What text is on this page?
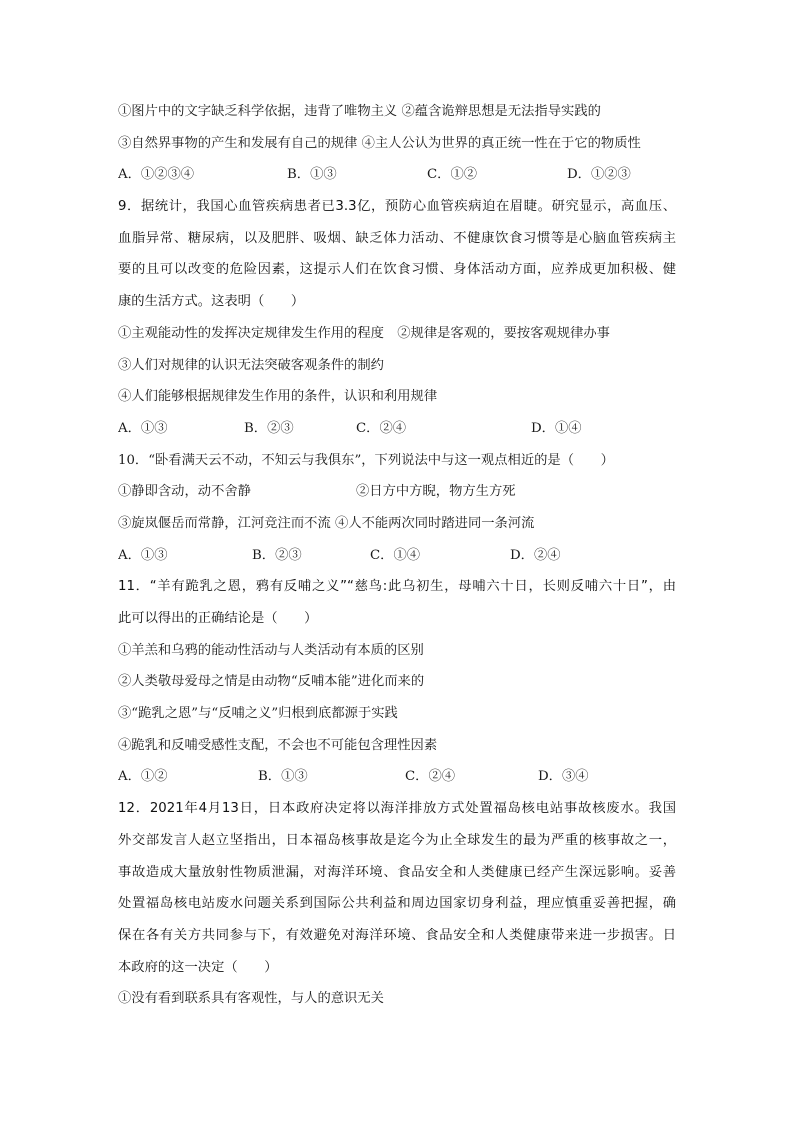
①图片中的文字缺乏科学依据，违背了唯物主义 ②蕴含诡辩思想是无法指导实践的
③自然界事物的产生和发展有自己的规律 ④主人公认为世界的真正统一性在于它的物质性
A．①②③④	B．①③	C．①②	D．①②③
9．据统计，我国心血管疾病患者已3.3亿，预防心血管疾病迫在眉睫。研究显示，高血压、
血脂异常、糖尿病，以及肥胖、吸烟、缺乏体力活动、不健康饮食习惯等是心脑血管疾病主
要的且可以改变的危险因素，这提示人们在饮食习惯、身体活动方面，应养成更加积极、健
康的生活方式。这表明（　　）
①主观能动性的发挥决定规律发生作用的程度　②规律是客观的，要按客观规律办事
③人们对规律的认识无法突破客观条件的制约
④人们能够根据规律发生作用的条件，认识和利用规律
A．①③	B．②③	C．②④	D．①④
10．“卧看满天云不动，不知云与我俱东”，下列说法中与这一观点相近的是（　　）
①静即含动，动不舍静	②日方中方睨，物方生方死
③旋岚偃岳而常静，江河竞注而不流 ④人不能两次同时踏进同一条河流
A．①③	B．②③	C．①④	D．②④
11．“羊有跪乳之恩，鸦有反哺之义”“慈鸟:此乌初生，母哺六十日，长则反哺六十日”，由
此可以得出的正确结论是（　　）
①羊羔和乌鸦的能动性活动与人类活动有本质的区别
②人类敬母爱母之情是由动物“反哺本能”进化而来的
③“跪乳之恩”与“反哺之义”归根到底都源于实践
④跪乳和反哺受感性支配，不会也不可能包含理性因素
A．①②	B．①③	C．②④	D．③④
12．2021年4月13日，日本政府决定将以海洋排放方式处置福岛核电站事故核废水。我国
外交部发言人赵立坚指出，日本福岛核事故是迄今为止全球发生的最为严重的核事故之一，
事故造成大量放射性物质泄漏，对海洋环境、食品安全和人类健康已经产生深远影响。妥善
处置福岛核电站废水问题关系到国际公共利益和周边国家切身利益，理应慎重妥善把握，确
保在各有关方共同参与下，有效避免对海洋环境、食品安全和人类健康带来进一步损害。日
本政府的这一决定（　　）
①没有看到联系具有客观性，与人的意识无关
